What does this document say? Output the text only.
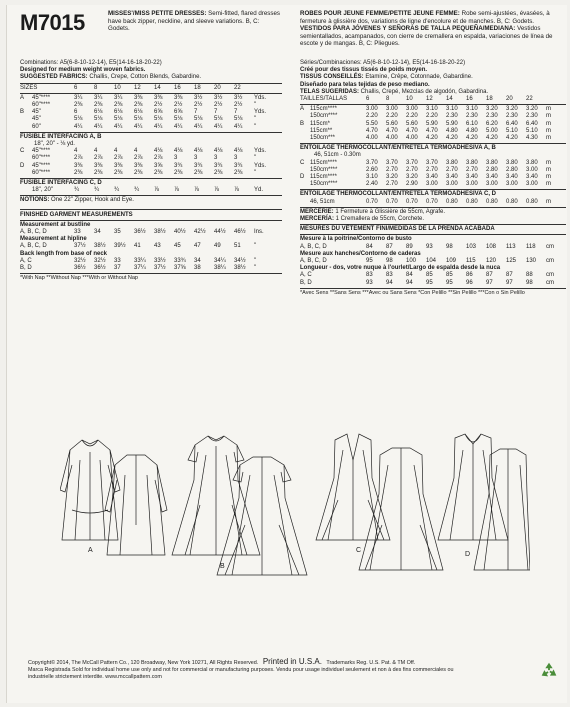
M7015	MISSES'/MISS PETITE DRESSES: Semi-fitted, flared dresses have back zipper, neckline, and sleeve variations. B, C: Godets.
ROBES POUR JEUNE FEMME/PETITE JEUNE FEMME: Robe semi-ajustées, évasées, à fermeture à glissière dos, variations de ligne d'encolure et de manches. B, C: Godets.
VESTIDOS PARA JÓVENES Y SEÑORAS DE TALLA PEQUEÑA/MEDIANA: Vestidos semientallados, acampanados, con cierre de cremallera en espalda, variaciones de línea de escote y de mangas. B, C: Pliegues.
Combinations: A5(6-8-10-12-14), E5(14-16-18-20-22)
Designed for medium weight woven fabrics.
SUGGESTED FABRICS: Challis, Crepe, Cotton Blends, Gabardine.
SIZES	6	8	10	12	14	16	18	20	22
A	45"****	3¼	3¼	3¼	3⅜	3⅜	3⅜	3½	3½	3½	Yds.
60"****	2⅜	2⅜	2⅜	2⅜	2½	2½	2½	2½	2½	"
B	45"	6	6⅛	6⅛	6⅛	6⅝	6⅝	7	7	7	Yds.
45"	5⅛	5⅛	5⅛	5⅛	5⅛	5⅛	5⅛	5⅛	5⅛	"
60"	4¼	4¼	4¼	4¼	4¼	4¼	4¼	4¼	4¼	"
FUSIBLE INTERFACING A, B
18", 20" - ⅛ yd.
C	45"****	4	4	4	4	4⅛	4⅛	4⅛	4⅛	4⅛	Yds.
60"****	2⅞	2⅞	2⅞	2⅞	2⅞	3	3	3	3	"
D	45"****	3⅜	3⅜	3⅜	3⅜	3⅝	3¾	3¾	3¾	3¾	Yds.
60"****	2⅜	2⅜	2⅜	2⅜	2⅜	2⅜	2⅜	2⅜	2⅜	"
FUSIBLE INTERFACING C, D
18", 20"	¾	¾	¾	¾	⅞	⅞	⅞	⅞	⅞	Yd.
NOTIONS: One 22" Zipper, Hook and Eye.
FINISHED GARMENT MEASUREMENTS
Measurement at bustline
A, B, C, D	33	34	35	36½	38½	40½	42½	44½	46½	Ins.
Measurement at hipline
A, B, C, D	37½	38½	39½	41	43	45	47	49	51	"
Back length from base of neck
A, C	32½	32½	33	33¼	33½	33¾	34	34¼	34½	"
B, D	36½	36½	37	37¼	37½	37⅝	38	38¼	38½	"
*With Nap **Without Nap ***With or Without Nap
Séries/Combinaciones: A5(6-8-10-12-14), E5(14-16-18-20-22)
Créé pour des tissus tissés de poids moyen.
TISSUS CONSEILLÉS: Etamine, Crêpe, Cotonnade, Gabardine.
Diseñado para telas tejidas de peso mediano.
TELAS SUGERIDAS: Challis, Crepé, Mezclas de algodón, Gabardina.
TAILLES/TALLAS	6	8	10	12	14	16	18	20	22
A 115cm****	3.00	3.00	3.00	3.10	3.10	3.10	3.20	3.20	3.20	m
150cm****	2.20	2.20	2.20	2.20	2.30	2.30	2.30	2.30	2.30	m
B 115cm*	5.50	5.60	5.60	5.90	5.90	6.10	6.20	6.40	6.40	m
115cm**	4.70	4.70	4.70	4.70	4.80	4.80	5.00	5.10	5.10	m
150cm***	4.00	4.00	4.00	4.20	4.20	4.20	4.20	4.20	4.30	m
ENTOILAGE THERMOCOLLANT/ENTRETELA TERMOADHESIVA A, B
46, 51cm - 0.30m
C 115cm****	3.70	3.70	3.70	3.70	3.80	3.80	3.80	3.80	3.80	m
150cm****	2.60	2.70	2.70	2.70	2.70	2.70	2.80	2.80	3.00	m
D 115cm****	3.10	3.20	3.20	3.40	3.40	3.40	3.40	3.40	3.40	m
150cm****	2.40	2.70	2.90	3.00	3.00	3.00	3.00	3.00	3.00	m
ENTOILAGE THERMOCOLLANT/ENTRETELA TERMOADHESIVA C, D
46, 51cm	0.70	0.70	0.70	0.70	0.80	0.80	0.80	0.80	0.80	m
MERCERIE: 1 Fermeture à Glissière de 55cm, Agrafe.
MERCERÍA: 1 Cremallera de 55cm, Corchete.
MESURES DU VÊTEMENT FINI/MEDIDAS DE LA PRENDA ACABADA
Mesure à la poitrine/Contorno de busto
A, B, C, D	84	87	89	93	98	103	108	113	118	cm
Mesure aux hanches/Contorno de caderas
A, B, C, D	95	98	100	104	109	115	120	125	130	cm
Longueur - dos, votre nuque à l'ourlet/Largo de espalda desde la nuca
A, C	83	83	84	85	85	86	87	87	88	cm
B, D	93	94	94	95	95	96	97	97	98	cm
*Avec Sens **Sans Sens ***Avec ou Sans Sens *Con Pelillo **Sin Pelillo ***Con o Sin Pelillo
A
B
C
D
Copyright© 2014, The McCall Pattern Co., 120 Broadway, New York 10271, All Rights Reserved. Printed in U.S.A. Trademarks Reg. U.S. Pat. & TM Off.
Marca Registrada Sold for individual home use only and not for commercial or manufacturing purposes. Vendu pour usage individuel seulement et non à des fins commerciales ou
industrielle strictement interdite. www.mccallpattern.com
